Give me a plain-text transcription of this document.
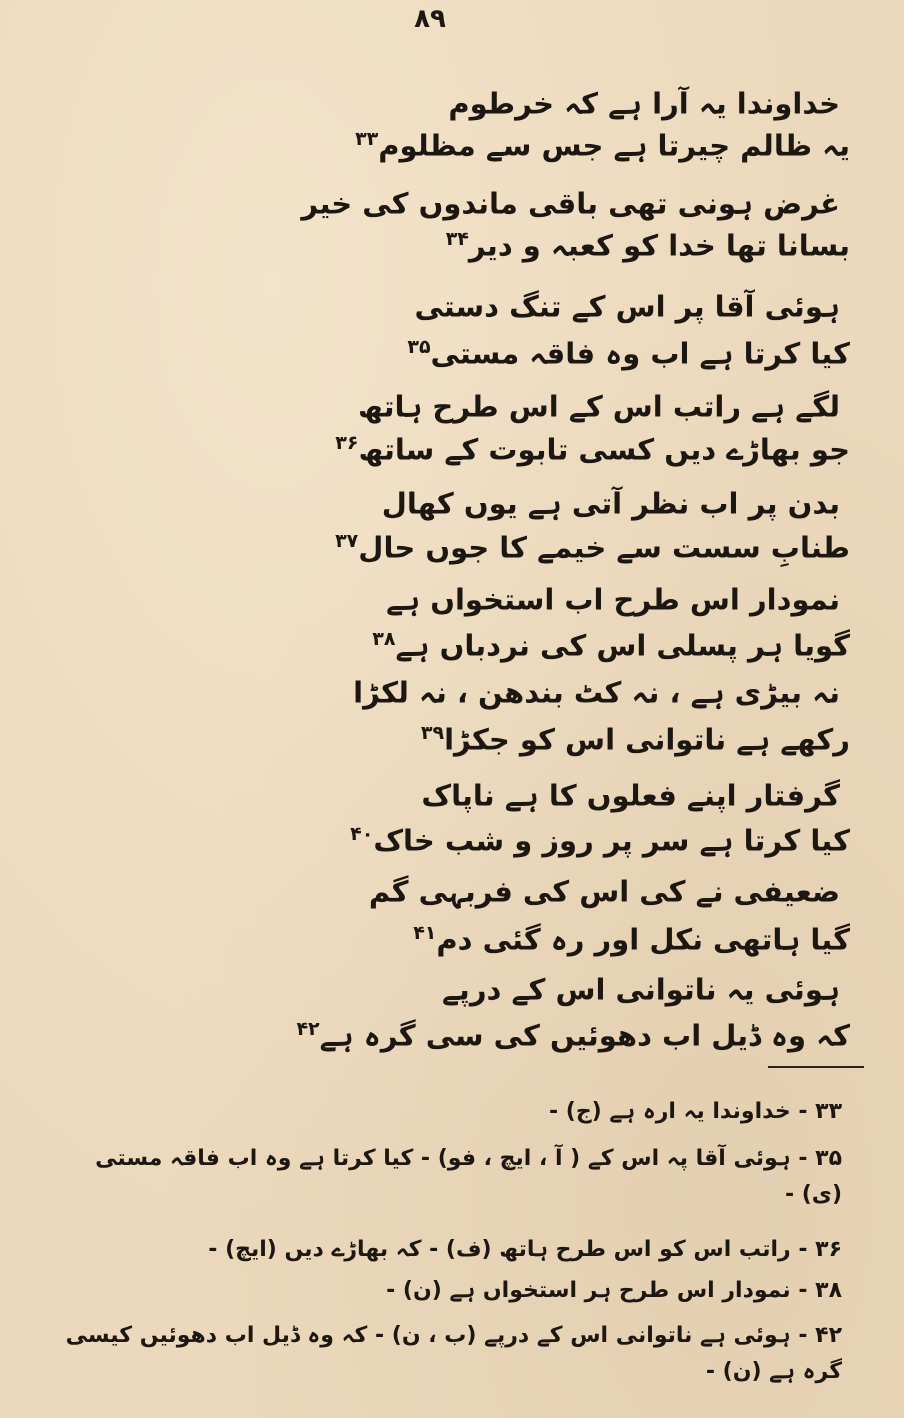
۸۹
خداوندا یہ آرا ہے کہ خرطوم
یہ ظالم چیرتا ہے جس سے مظلوم$^{۳۳}$
غرض ہونی تھی باقی ماندوں کی خیر
بسانا تھا خدا کو کعبہ و دیر$^{۳۴}$
ہوئی آقا پر اس کے تنگ دستی
کیا کرتا ہے اب وہ فاقہ مستی$^{۳۵}$
لگے ہے راتب اس کے اس طرح ہاتھ
جو بھاڑے دیں کسی تابوت کے ساتھ$^{۳۶}$
بدن پر اب نظر آتی ہے یوں کھال
طنابِ سست سے خیمے کا جوں حال$^{۳۷}$
نمودار اس طرح اب استخواں ہے
گویا ہر پسلی اس کی نردباں ہے$^{۳۸}$
نہ بیڑی ہے ، نہ کٹ بندھن ، نہ لکڑا
رکھے ہے ناتوانی اس کو جکڑا$^{۳۹}$
گرفتار اپنے فعلوں کا ہے ناپاک
کیا کرتا ہے سر پر روز و شب خاک$^{۴۰}$
ضعیفی نے کی اس کی فربہی گم
گیا ہاتھی نکل اور رہ گئی دم$^{۴۱}$
ہوئی یہ ناتوانی اس کے درپے
کہ وہ ڈیل اب دھوئیں کی سی گرہ ہے$^{۴۲}$
۳۳ - خداوندا یہ ارہ ہے (ج) -
۳۵ - ہوئی آقا پہ اس کے ( آ ، ایچ ، فو) - کیا کرتا ہے وہ اب فاقہ مستی (ی) -
۳۶ - راتب اس کو اس طرح ہاتھ (ف) - کہ بھاڑے دیں (ایچ) -
۳۸ - نمودار اس طرح ہر استخواں ہے (ن) -
۴۲ - ہوئی ہے ناتوانی اس کے درپے (ب ، ن) - کہ وہ ڈیل اب دھوئیں کیسی گرہ ہے (ن) -
